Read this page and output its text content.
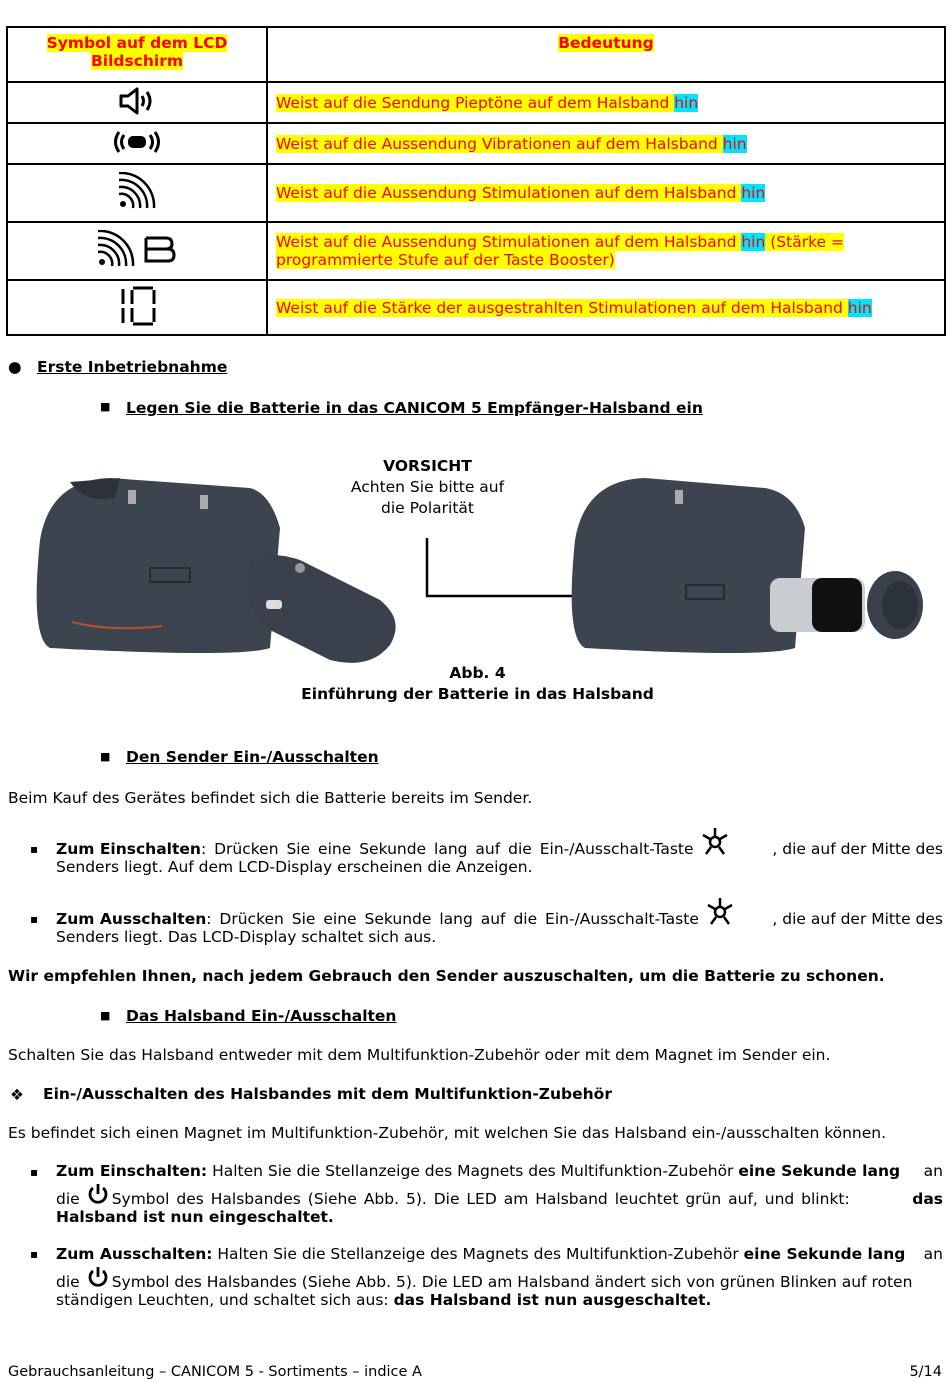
Symbol auf dem LCD Bildschirm	Bedeutung
	Weist auf die Sendung Pieptöne auf dem Halsband hin
	Weist auf die Aussendung Vibrationen auf dem Halsband hin
	Weist auf die Aussendung Stimulationen auf dem Halsband hin
	Weist auf die Aussendung Stimulationen auf dem Halsband hin (Stärke = programmierte Stufe auf der Taste Booster)
	Weist auf die Stärke der ausgestrahlten Stimulationen auf dem Halsband hin
● Erste Inbetriebnahme
■ Legen Sie die Batterie in das CANICOM 5 Empfänger-Halsband ein
VORSICHT
Achten Sie bitte auf
die Polarität
Abb. 4
Einführung der Batterie in das Halsband
■ Den Sender Ein-/Ausschalten
Beim Kauf des Gerätes befindet sich die Batterie bereits im Sender.
▪ Zum Einschalten: Drücken Sie eine Sekunde lang auf die Ein-/Ausschalt-Taste	, die auf der Mitte des
Senders liegt. Auf dem LCD-Display erscheinen die Anzeigen.
▪ Zum Ausschalten: Drücken Sie eine Sekunde lang auf die Ein-/Ausschalt-Taste	, die auf der Mitte des
Senders liegt. Das LCD-Display schaltet sich aus.
Wir empfehlen Ihnen, nach jedem Gebrauch den Sender auszuschalten, um die Batterie zu schonen.
■ Das Halsband Ein-/Ausschalten
Schalten Sie das Halsband entweder mit dem Multifunktion-Zubehör oder mit dem Magnet im Sender ein.
❖ Ein-/Ausschalten des Halsbandes mit dem Multifunktion-Zubehör
Es befindet sich einen Magnet im Multifunktion-Zubehör, mit welchen Sie das Halsband ein-/ausschalten können.
▪ Zum Einschalten: Halten Sie die Stellanzeige des Magnets des Multifunktion-Zubehör eine Sekunde lang an
die Symbol des Halsbandes (Siehe Abb. 5). Die LED am Halsband leuchtet grün auf, und blinkt:	das
Halsband ist nun eingeschaltet.
▪ Zum Ausschalten: Halten Sie die Stellanzeige des Magnets des Multifunktion-Zubehör eine Sekunde lang an
die Symbol des Halsbandes (Siehe Abb. 5). Die LED am Halsband ändert sich von grünen Blinken auf roten
ständigen Leuchten, und schaltet sich aus: das Halsband ist nun ausgeschaltet.
Gebrauchsanleitung – CANICOM 5 - Sortiments – indice A	5/14
